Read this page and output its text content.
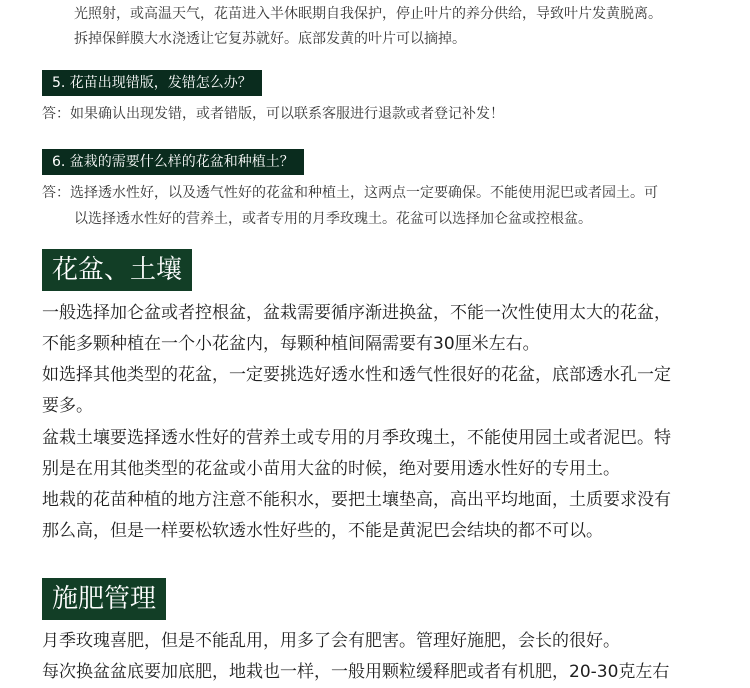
光照射，或高温天气，花苗进入半休眠期自我保护，停止叶片的养分供给，导致叶片发黄脱离。
拆掉保鲜膜大水浇透让它复苏就好。底部发黄的叶片可以摘掉。
5. 花苗出现错版，发错怎么办？
答：如果确认出现发错，或者错版，可以联系客服进行退款或者登记补发！
6. 盆栽的需要什么样的花盆和种植土？
答：选择透水性好，以及透气性好的花盆和种植土，这两点一定要确保。不能使用泥巴或者园土。可
以选择透水性好的营养土，或者专用的月季玫瑰土。花盆可以选择加仑盆或控根盆。
花盆、土壤
一般选择加仑盆或者控根盆，盆栽需要循序渐进换盆，不能一次性使用太大的花盆，
不能多颗种植在一个小花盆内，每颗种植间隔需要有30厘米左右。
如选择其他类型的花盆，一定要挑选好透水性和透气性很好的花盆，底部透水孔一定
要多。
盆栽土壤要选择透水性好的营养土或专用的月季玫瑰土，不能使用园土或者泥巴。特
别是在用其他类型的花盆或小苗用大盆的时候，绝对要用透水性好的专用土。
地栽的花苗种植的地方注意不能积水，要把土壤垫高，高出平均地面，土质要求没有
那么高，但是一样要松软透水性好些的，不能是黄泥巴会结块的都不可以。
施肥管理
月季玫瑰喜肥，但是不能乱用，用多了会有肥害。管理好施肥，会长的很好。
每次换盆盆底要加底肥，地栽也一样，一般用颗粒缓释肥或者有机肥，20-30克左右
